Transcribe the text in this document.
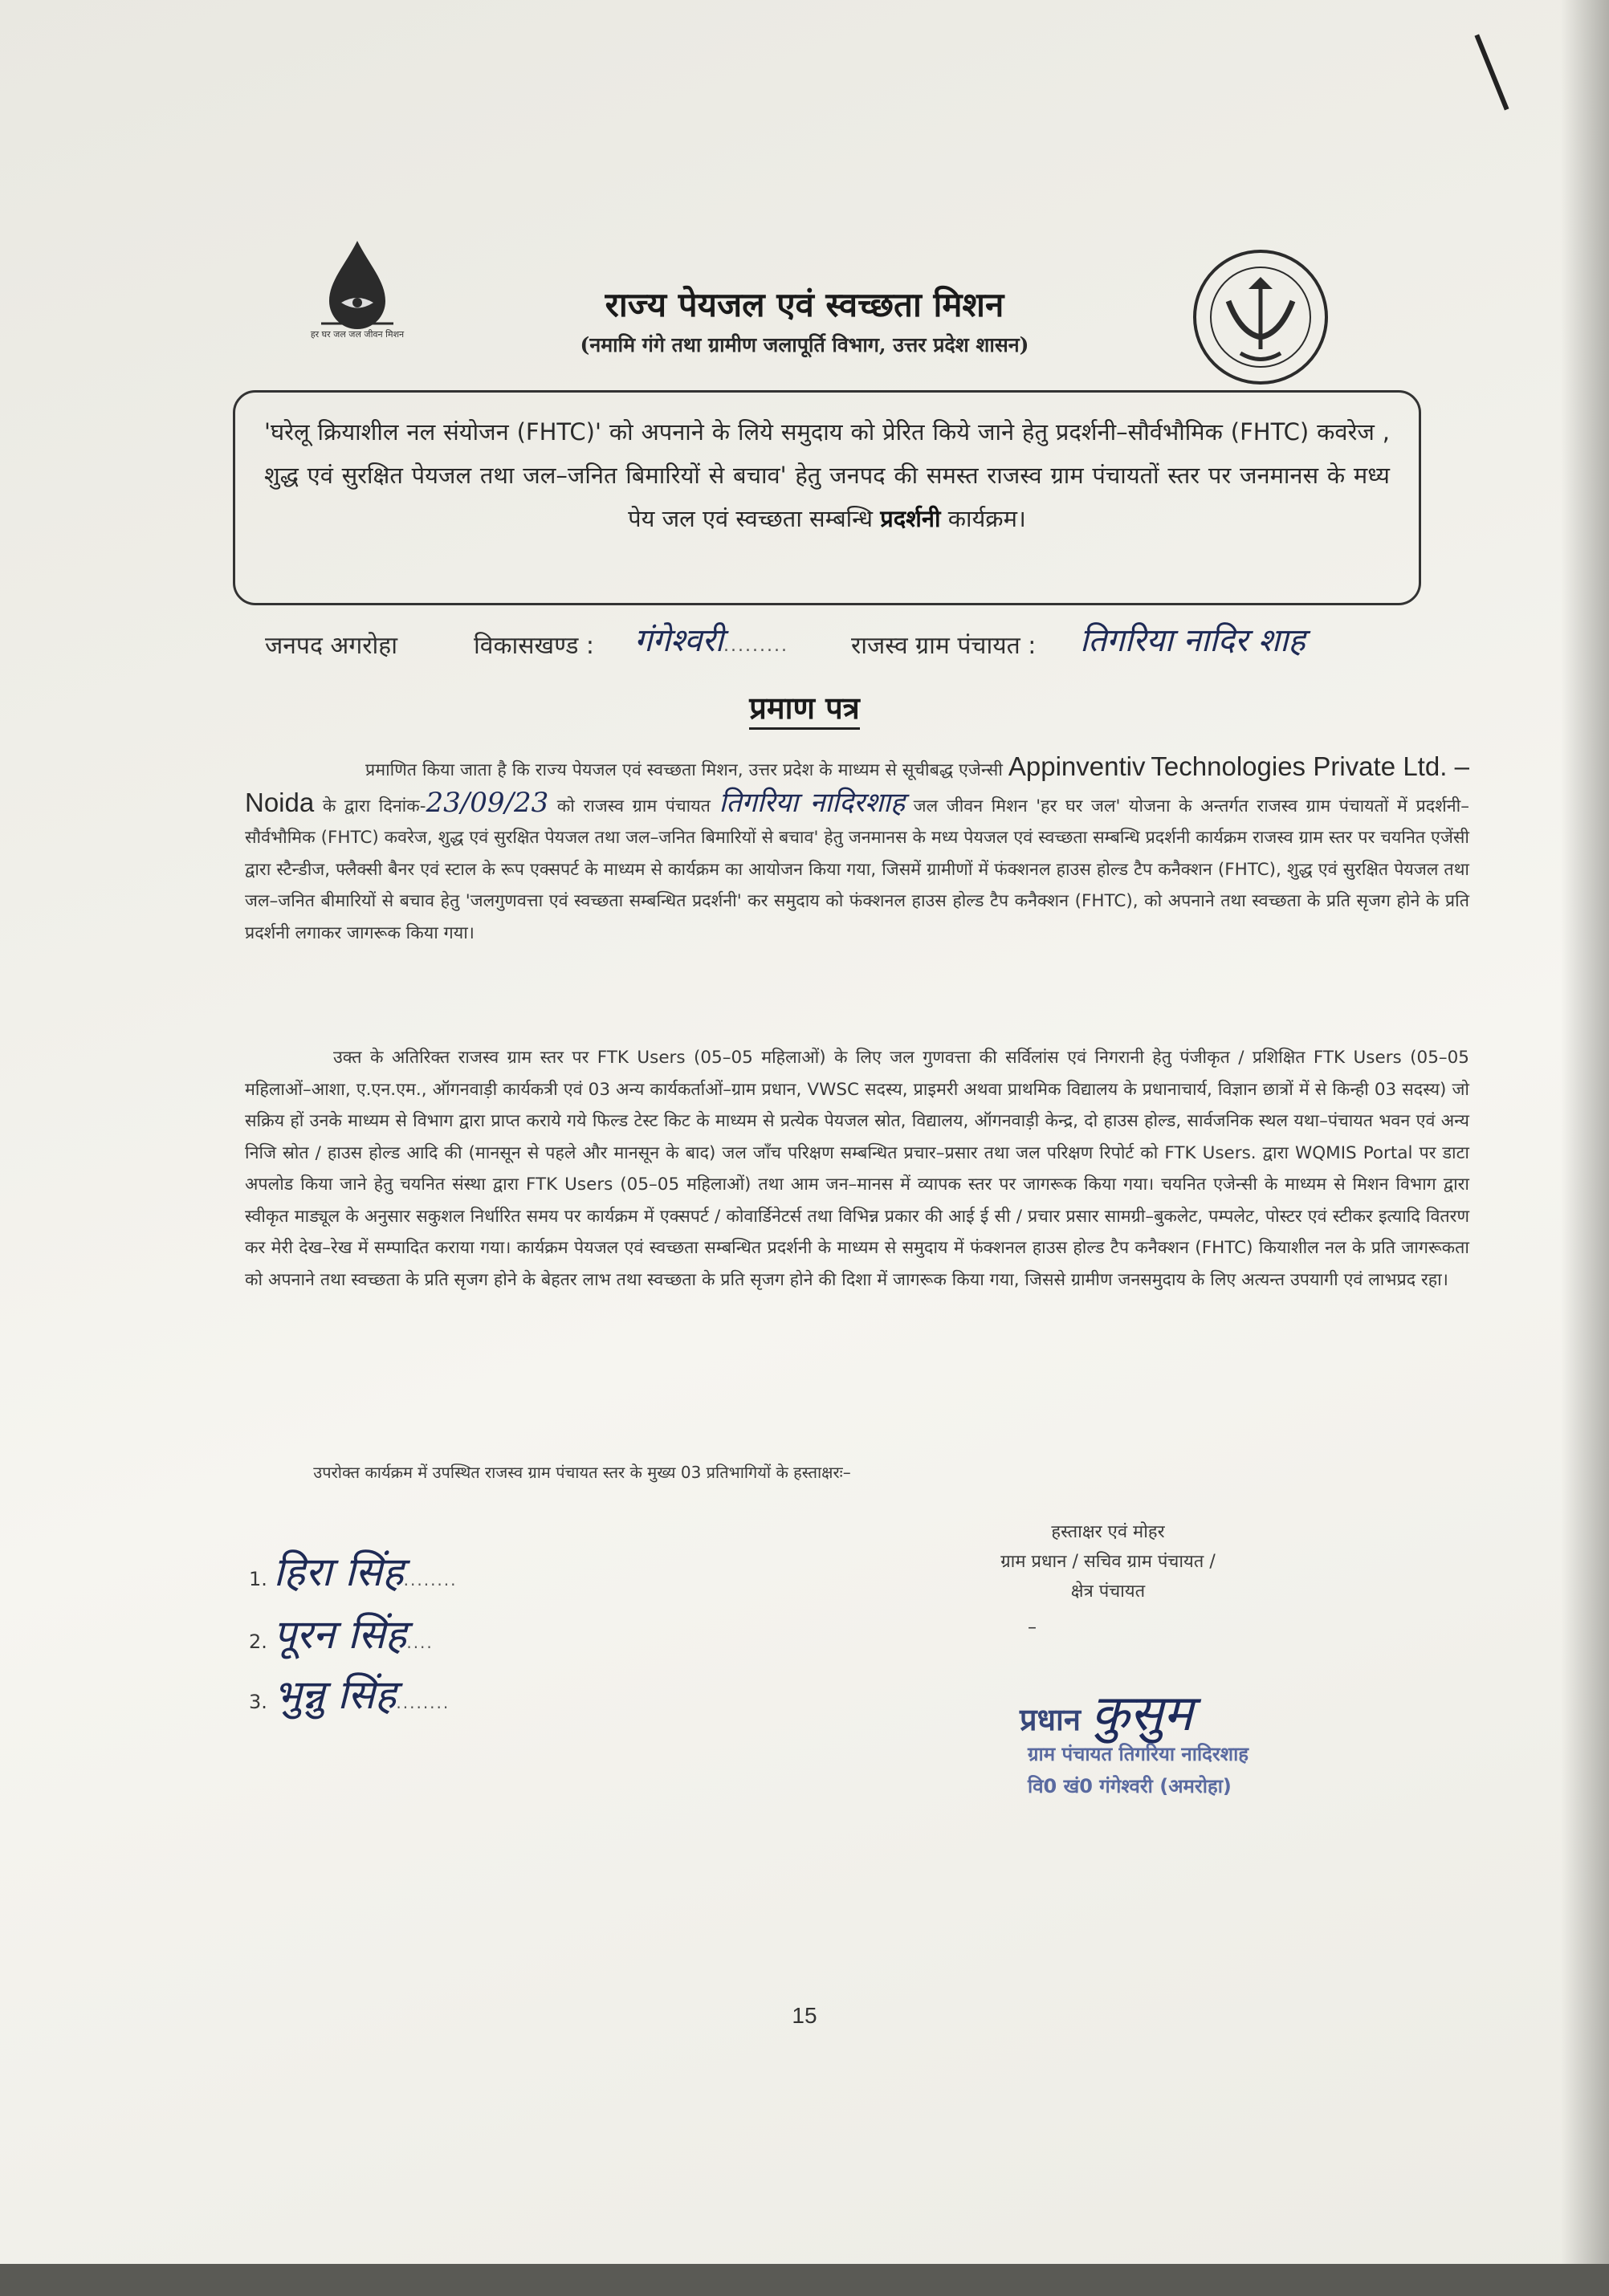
हर घर जल जल जीवन मिशन
राज्य पेयजल एवं स्वच्छता मिशन
(नमामि गंगे तथा ग्रामीण जलापूर्ति विभाग, उत्तर प्रदेश शासन)

'घरेलू क्रियाशील नल संयोजन (FHTC)' को अपनाने के लिये समुदाय को प्रेरित किये जाने हेतु प्रदर्शनी–सौर्वभौमिक (FHTC) कवरेज , शुद्ध एवं सुरक्षित पेयजल तथा जल–जनित बिमारियों से बचाव' हेतु जनपद की समस्त राजस्व ग्राम पंचायतों स्तर पर जनमानस के मध्य पेय जल एवं स्वच्छता सम्बन्धि प्रदर्शनी कार्यक्रम।

जनपद अगरोहा	विकासखण्ड : गंगेश्वरी.........	राजस्व ग्राम पंचायत : तिगरिया नादिर शाह
प्रमाण पत्र
प्रमाणित किया जाता है कि राज्य पेयजल एवं स्वच्छता मिशन, उत्तर प्रदेश के माध्यम से सूचीबद्ध एजेन्सी Appinventiv Technologies Private Ltd. – Noida के द्वारा दिनांक-23/09/23 को राजस्व ग्राम पंचायत तिगरिया नादिरशाह जल जीवन मिशन 'हर घर जल' योजना के अन्तर्गत राजस्व ग्राम पंचायतों में प्रदर्शनी–सौर्वभौमिक (FHTC) कवरेज, शुद्ध एवं सुरक्षित पेयजल तथा जल–जनित बिमारियों से बचाव' हेतु जनमानस के मध्य पेयजल एवं स्वच्छता सम्बन्धि प्रदर्शनी कार्यक्रम राजस्व ग्राम स्तर पर चयनित एजेंसी द्वारा स्टैन्डीज, फ्लैक्सी बैनर एवं स्टाल के रूप एक्सपर्ट के माध्यम से कार्यक्रम का आयोजन किया गया, जिसमें ग्रामीणों में फंक्शनल हाउस होल्ड टैप कनैक्शन (FHTC), शुद्ध एवं सुरक्षित पेयजल तथा जल–जनित बीमारियों से बचाव हेतु 'जलगुणवत्ता एवं स्वच्छता सम्बन्धित प्रदर्शनी' कर समुदाय को फंक्शनल हाउस होल्ड टैप कनैक्शन (FHTC), को अपनाने तथा स्वच्छता के प्रति सृजग होने के प्रति प्रदर्शनी लगाकर जागरूक किया गया।
उक्त के अतिरिक्त राजस्व ग्राम स्तर पर FTK Users (05–05 महिलाओं) के लिए जल गुणवत्ता की सर्विलांस एवं निगरानी हेतु पंजीकृत / प्रशिक्षित FTK Users (05–05 महिलाओं–आशा, ए.एन.एम., ऑगनवाड़ी कार्यकत्री एवं 03 अन्य कार्यकर्ताओं–ग्राम प्रधान, VWSC सदस्य, प्राइमरी अथवा प्राथमिक विद्यालय के प्रधानाचार्य, विज्ञान छात्रों में से किन्ही 03 सदस्य) जो सक्रिय हों उनके माध्यम से विभाग द्वारा प्राप्त कराये गये फिल्ड टेस्ट किट के माध्यम से प्रत्येक पेयजल स्रोत, विद्यालय, ऑगनवाड़ी केन्द्र, दो हाउस होल्ड, सार्वजनिक स्थल यथा–पंचायत भवन एवं अन्य निजि स्रोत / हाउस होल्ड आदि की (मानसून से पहले और मानसून के बाद) जल जाँच परिक्षण सम्बन्धित प्रचार–प्रसार तथा जल परिक्षण रिपोर्ट को FTK Users. द्वारा WQMIS Portal पर डाटा अपलोड किया जाने हेतु चयनित संस्था द्वारा FTK Users (05–05 महिलाओं) तथा आम जन–मानस में व्यापक स्तर पर जागरूक किया गया। चयनित एजेन्सी के माध्यम से मिशन विभाग द्वारा स्वीकृत माड्यूल के अनुसार सकुशल निर्धारित समय पर कार्यक्रम में एक्सपर्ट / कोवार्डिनेटर्स तथा विभिन्न प्रकार की आई ई सी / प्रचार प्रसार सामग्री–बुकलेट, पम्पलेट, पोस्टर एवं स्टीकर इत्यादि वितरण कर मेरी देख–रेख में सम्पादित कराया गया। कार्यक्रम पेयजल एवं स्वच्छता सम्बन्धित प्रदर्शनी के माध्यम से समुदाय में फंक्शनल हाउस होल्ड टैप कनैक्शन (FHTC) कियाशील नल के प्रति जागरूकता को अपनाने तथा स्वच्छता के प्रति सृजग होने के बेहतर लाभ तथा स्वच्छता के प्रति सृजग होने की दिशा में जागरूक किया गया, जिससे ग्रामीण जनसमुदाय के लिए अत्यन्त उपयागी एवं लाभप्रद रहा।
उपरोक्त कार्यक्रम में उपस्थित राजस्व ग्राम पंचायत स्तर के मुख्य 03 प्रतिभागियों के हस्ताक्षरः–
1. हिरा सिंह........
2. पूरन सिंह....
3. भुन्नु सिंह........
हस्ताक्षर एवं मोहर
ग्राम प्रधान / सचिव ग्राम पंचायत /
क्षेत्र पंचायत
–
प्रधान कुसुम
ग्राम पंचायत तिगरिया नादिरशाह
वि0 खं0 गंगेश्वरी (अमरोहा)
15
